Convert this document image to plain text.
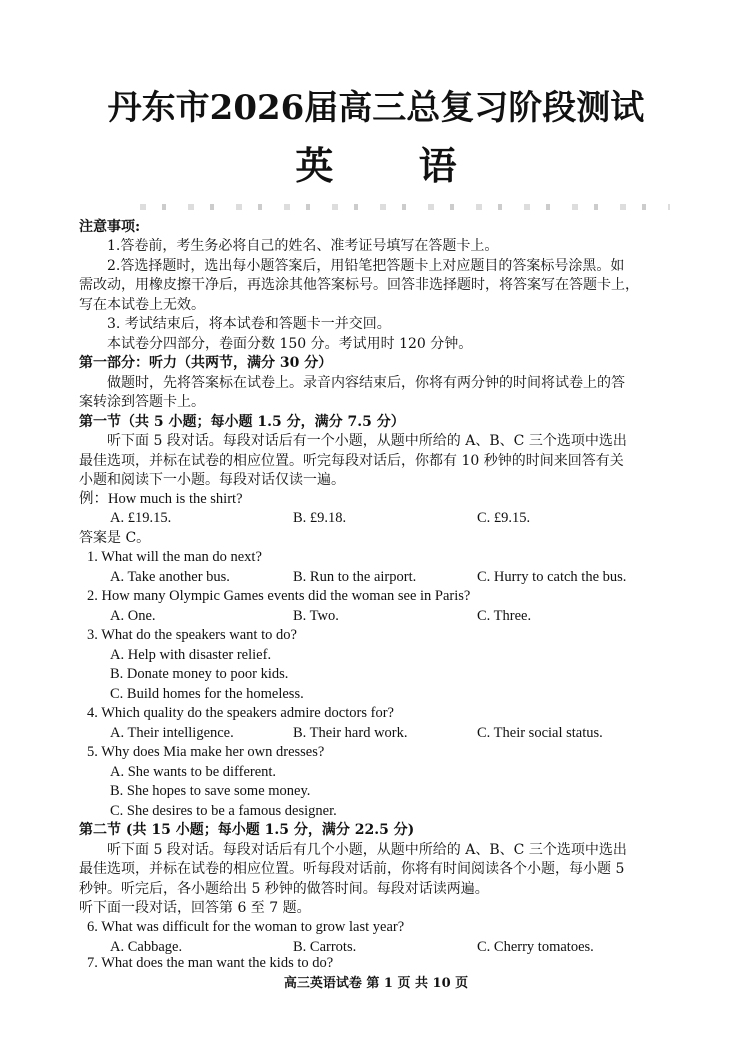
丹东市2026届高三总复习阶段测试
英 语
注意事项:
1.答卷前，考生务必将自己的姓名、准考证号填写在答题卡上。
2.答选择题时，选出每小题答案后，用铅笔把答题卡上对应题目的答案标号涂黑。如
需改动，用橡皮擦干净后，再选涂其他答案标号。回答非选择题时，将答案写在答题卡上，
写在本试卷上无效。
3. 考试结束后，将本试卷和答题卡一并交回。
本试卷分四部分，卷面分数 150 分。考试用时 120 分钟。
第一部分：听力（共两节，满分 30 分）
做题时，先将答案标在试卷上。录音内容结束后，你将有两分钟的时间将试卷上的答
案转涂到答题卡上。
第一节（共 5 小题；每小题 1.5 分，满分 7.5 分）
听下面 5 段对话。每段对话后有一个小题，从题中所给的 A、B、C 三个选项中选出
最佳选项，并标在试卷的相应位置。听完每段对话后，你都有 10 秒钟的时间来回答有关
小题和阅读下一小题。每段对话仅读一遍。
例：How much is the shirt?
A. £19.15.	B. £9.18.	C. £9.15.
答案是 C。
1. What will the man do next?
A. Take another bus.	B. Run to the airport.	C. Hurry to catch the bus.
2. How many Olympic Games events did the woman see in Paris?
A. One.	B. Two.	C. Three.
3. What do the speakers want to do?
A. Help with disaster relief.
B. Donate money to poor kids.
C. Build homes for the homeless.
4. Which quality do the speakers admire doctors for?
A. Their intelligence.	B. Their hard work.	C. Their social status.
5. Why does Mia make her own dresses?
A. She wants to be different.
B. She hopes to save some money.
C. She desires to be a famous designer.
第二节 (共 15 小题；每小题 1.5 分，满分 22.5 分)
听下面 5 段对话。每段对话后有几个小题，从题中所给的 A、B、C 三个选项中选出
最佳选项，并标在试卷的相应位置。听每段对话前，你将有时间阅读各个小题，每小题 5
秒钟。听完后，各小题给出 5 秒钟的做答时间。每段对话读两遍。
听下面一段对话，回答第 6 至 7 题。
6. What was difficult for the woman to grow last year?
A. Cabbage.	B. Carrots.	C. Cherry tomatoes.
7. What does the man want the kids to do?
高三英语试卷 第 1 页 共 10 页
